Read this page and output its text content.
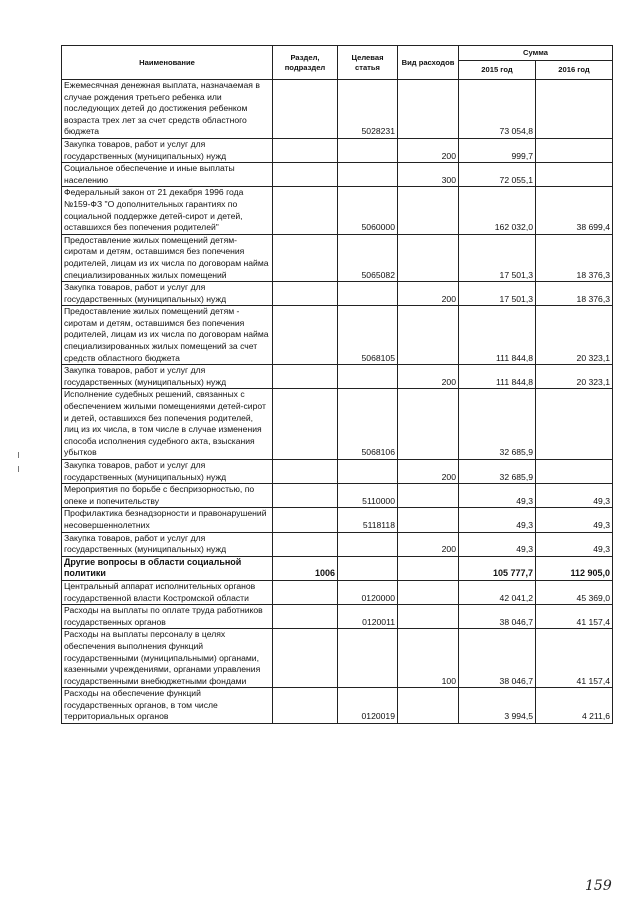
Наименование	Раздел, подраздел	Целевая статья	Вид расходов	Сумма	
				2015 год	2016 год
Ежемесячная денежная выплата, назначаемая в случае рождения третьего ребенка или последующих детей до достижения ребенком возраста трех лет за счет средств областного бюджета		5028231		73 054,8	
Закупка товаров, работ и услуг для государственных (муниципальных) нужд			200	999,7	
Социальное обеспечение и иные выплаты населению			300	72 055,1	
Федеральный закон от 21 декабря 1996 года №159-ФЗ "О дополнительных гарантиях по социальной поддержке детей-сирот и детей, оставшихся без попечения родителей"		5060000		162 032,0	38 699,4
Предоставление жилых помещений детям-сиротам и детям, оставшимся без попечения родителей, лицам из их числа по договорам найма специализированных жилых помещений		5065082		17 501,3	18 376,3
Закупка товаров, работ и услуг для государственных (муниципальных) нужд			200	17 501,3	18 376,3
Предоставление жилых помещений детям - сиротам и детям, оставшимся без попечения родителей, лицам из их числа по договорам найма специализированных жилых помещений за счет средств областного бюджета		5068105		111 844,8	20 323,1
Закупка товаров, работ и услуг для государственных (муниципальных) нужд			200	111 844,8	20 323,1
Исполнение судебных решений, связанных с обеспечением жилыми помещениями детей-сирот и детей, оставшихся без попечения родителей, лиц из их числа, в том числе в случае изменения способа исполнения судебного акта, взыскания убытков		5068106		32 685,9	
Закупка товаров, работ и услуг для государственных (муниципальных) нужд			200	32 685,9	
Мероприятия по борьбе с беспризорностью, по опеке и попечительству		5110000		49,3	49,3
Профилактика безнадзорности и правонарушений несовершеннолетних		5118118		49,3	49,3
Закупка товаров, работ и услуг для государственных (муниципальных) нужд			200	49,3	49,3
Другие вопросы в области социальной политики	1006			105 777,7	112 905,0
Центральный аппарат исполнительных органов государственной власти Костромской области		0120000		42 041,2	45 369,0
Расходы на выплаты по оплате труда работников государственных органов		0120011		38 046,7	41 157,4
Расходы на выплаты персоналу в целях обеспечения выполнения функций государственными (муниципальными) органами, казенными учреждениями, органами управления государственными внебюджетными фондами			100	38 046,7	41 157,4
Расходы на обеспечение функций государственных органов, в том числе территориальных органов		0120019		3 994,5	4 211,6
159
